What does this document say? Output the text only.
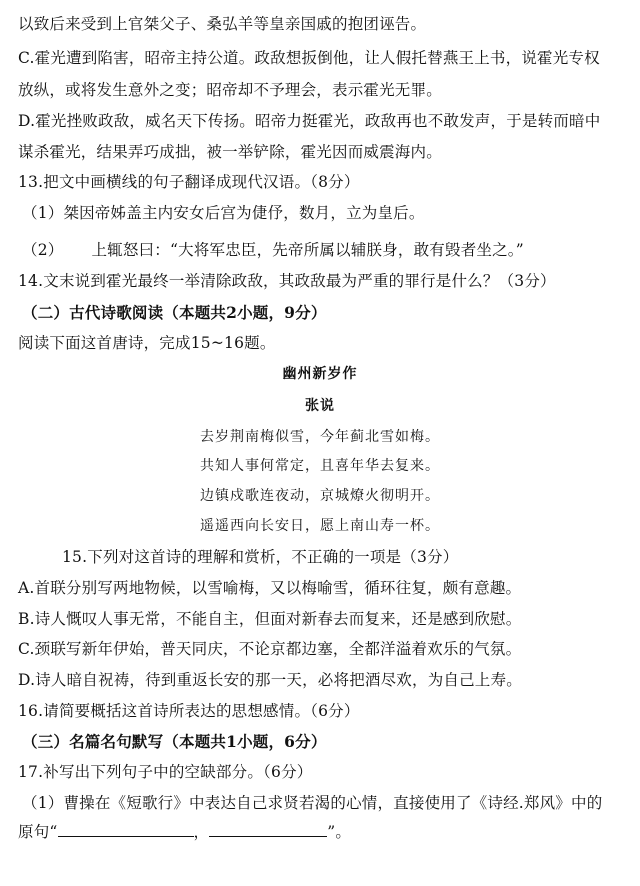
以致后来受到上官桀父子、桑弘羊等皇亲国戚的抱团诬告。
C.霍光遭到陷害，昭帝主持公道。政敌想扳倒他，让人假托替燕王上书，说霍光专权
放纵，或将发生意外之变；昭帝却不予理会，表示霍光无罪。
D.霍光挫败政敌，威名天下传扬。昭帝力挺霍光，政敌再也不敢发声，于是转而暗中
谋杀霍光，结果弄巧成拙，被一举铲除，霍光因而威震海内。
13.把文中画横线的句子翻译成现代汉语。（8分）
（1）桀因帝姊盖主内安女后宫为倢伃，数月，立为皇后。
（2） 上辄怒曰：“大将军忠臣，先帝所属以辅朕身，敢有毁者坐之。”
14.文末说到霍光最终一举清除政敌，其政敌最为严重的罪行是什么？（3分）
（二）古代诗歌阅读（本题共2小题，9分）
阅读下面这首唐诗，完成15~16题。
幽州新岁作
张说
去岁荆南梅似雪，今年蓟北雪如梅。
共知人事何常定，且喜年华去复来。
边镇戍歌连夜动，京城燎火彻明开。
遥遥西向长安日，愿上南山寿一杯。
15.下列对这首诗的理解和赏析，不正确的一项是（3分）
A.首联分别写两地物候，以雪喻梅，又以梅喻雪，循环往复，颇有意趣。
B.诗人慨叹人事无常，不能自主，但面对新春去而复来，还是感到欣慰。
C.颈联写新年伊始，普天同庆，不论京都边塞，全都洋溢着欢乐的气氛。
D.诗人暗自祝祷，待到重返长安的那一天，必将把酒尽欢，为自己上寿。
16.请简要概括这首诗所表达的思想感情。（6分）
（三）名篇名句默写（本题共1小题，6分）
17.补写出下列句子中的空缺部分。（6分）
（1）曹操在《短歌行》中表达自己求贤若渴的心情，直接使用了《诗经.郑风》中的
原句“	，	”。
